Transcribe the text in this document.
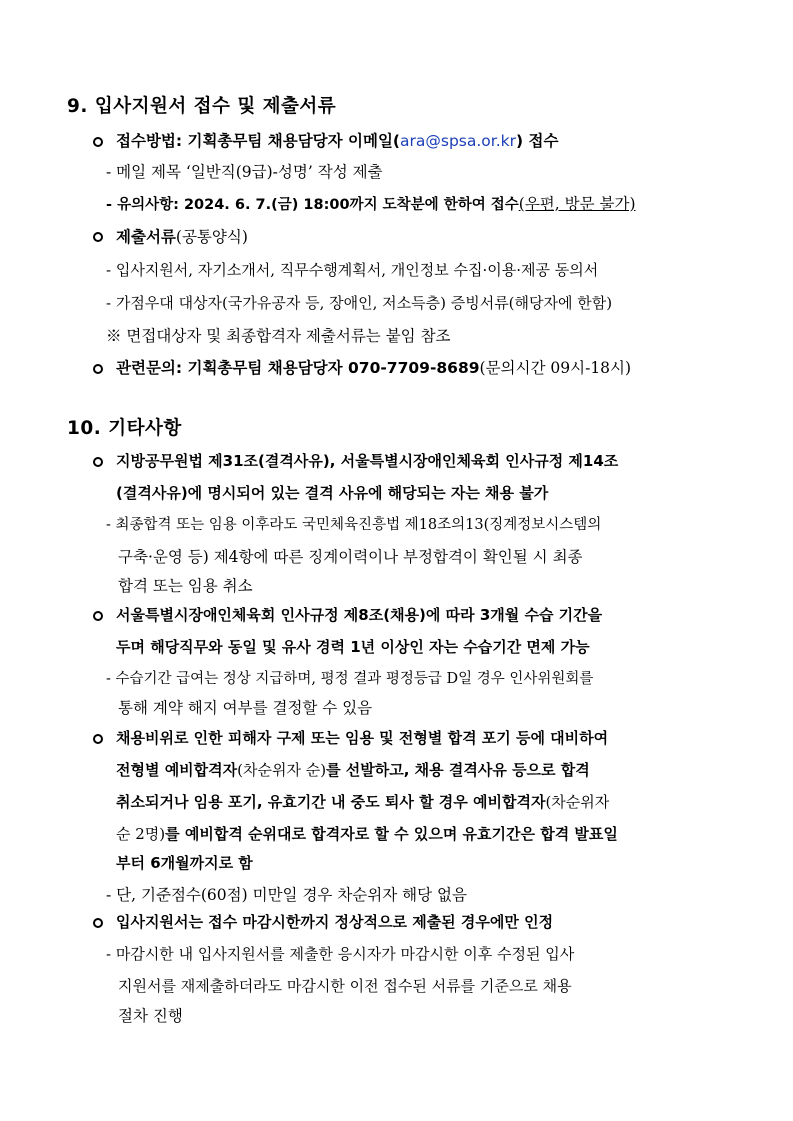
9. 입사지원서 접수 및 제출서류
접수방법: 기획총무팀 채용담당자 이메일(ara@spsa.or.kr) 접수
- 메일 제목 ‘일반직(9급)-성명’ 작성 제출
- 유의사항: 2024. 6. 7.(금) 18:00까지 도착분에 한하여 접수(우편, 방문 불가)
제출서류(공통양식)
- 입사지원서, 자기소개서, 직무수행계획서, 개인정보 수집·이용·제공 동의서
- 가점우대 대상자(국가유공자 등, 장애인, 저소득층) 증빙서류(해당자에 한함)
※ 면접대상자 및 최종합격자 제출서류는 붙임 참조
관련문의: 기획총무팀 채용담당자 070-7709-8689(문의시간 09시-18시)
10. 기타사항
지방공무원법 제31조(결격사유), 서울특별시장애인체육회 인사규정 제14조
(결격사유)에 명시되어 있는 결격 사유에 해당되는 자는 채용 불가
- 최종합격 또는 임용 이후라도 국민체육진흥법 제18조의13(징계정보시스템의
구축·운영 등) 제4항에 따른 징계이력이나 부정합격이 확인될 시 최종
합격 또는 임용 취소
서울특별시장애인체육회 인사규정 제8조(채용)에 따라 3개월 수습 기간을
두며 해당직무와 동일 및 유사 경력 1년 이상인 자는 수습기간 면제 가능
- 수습기간 급여는 정상 지급하며, 평정 결과 평정등급 D일 경우 인사위원회를
통해 계약 해지 여부를 결정할 수 있음
채용비위로 인한 피해자 구제 또는 임용 및 전형별 합격 포기 등에 대비하여
전형별 예비합격자(차순위자 순)를 선발하고, 채용 결격사유 등으로 합격
취소되거나 임용 포기, 유효기간 내 중도 퇴사 할 경우 예비합격자(차순위자
순 2명)를 예비합격 순위대로 합격자로 할 수 있으며 유효기간은 합격 발표일
부터 6개월까지로 함
- 단, 기준점수(60점) 미만일 경우 차순위자 해당 없음
입사지원서는 접수 마감시한까지 정상적으로 제출된 경우에만 인정
- 마감시한 내 입사지원서를 제출한 응시자가 마감시한 이후 수정된 입사
지원서를 재제출하더라도 마감시한 이전 접수된 서류를 기준으로 채용
절차 진행
